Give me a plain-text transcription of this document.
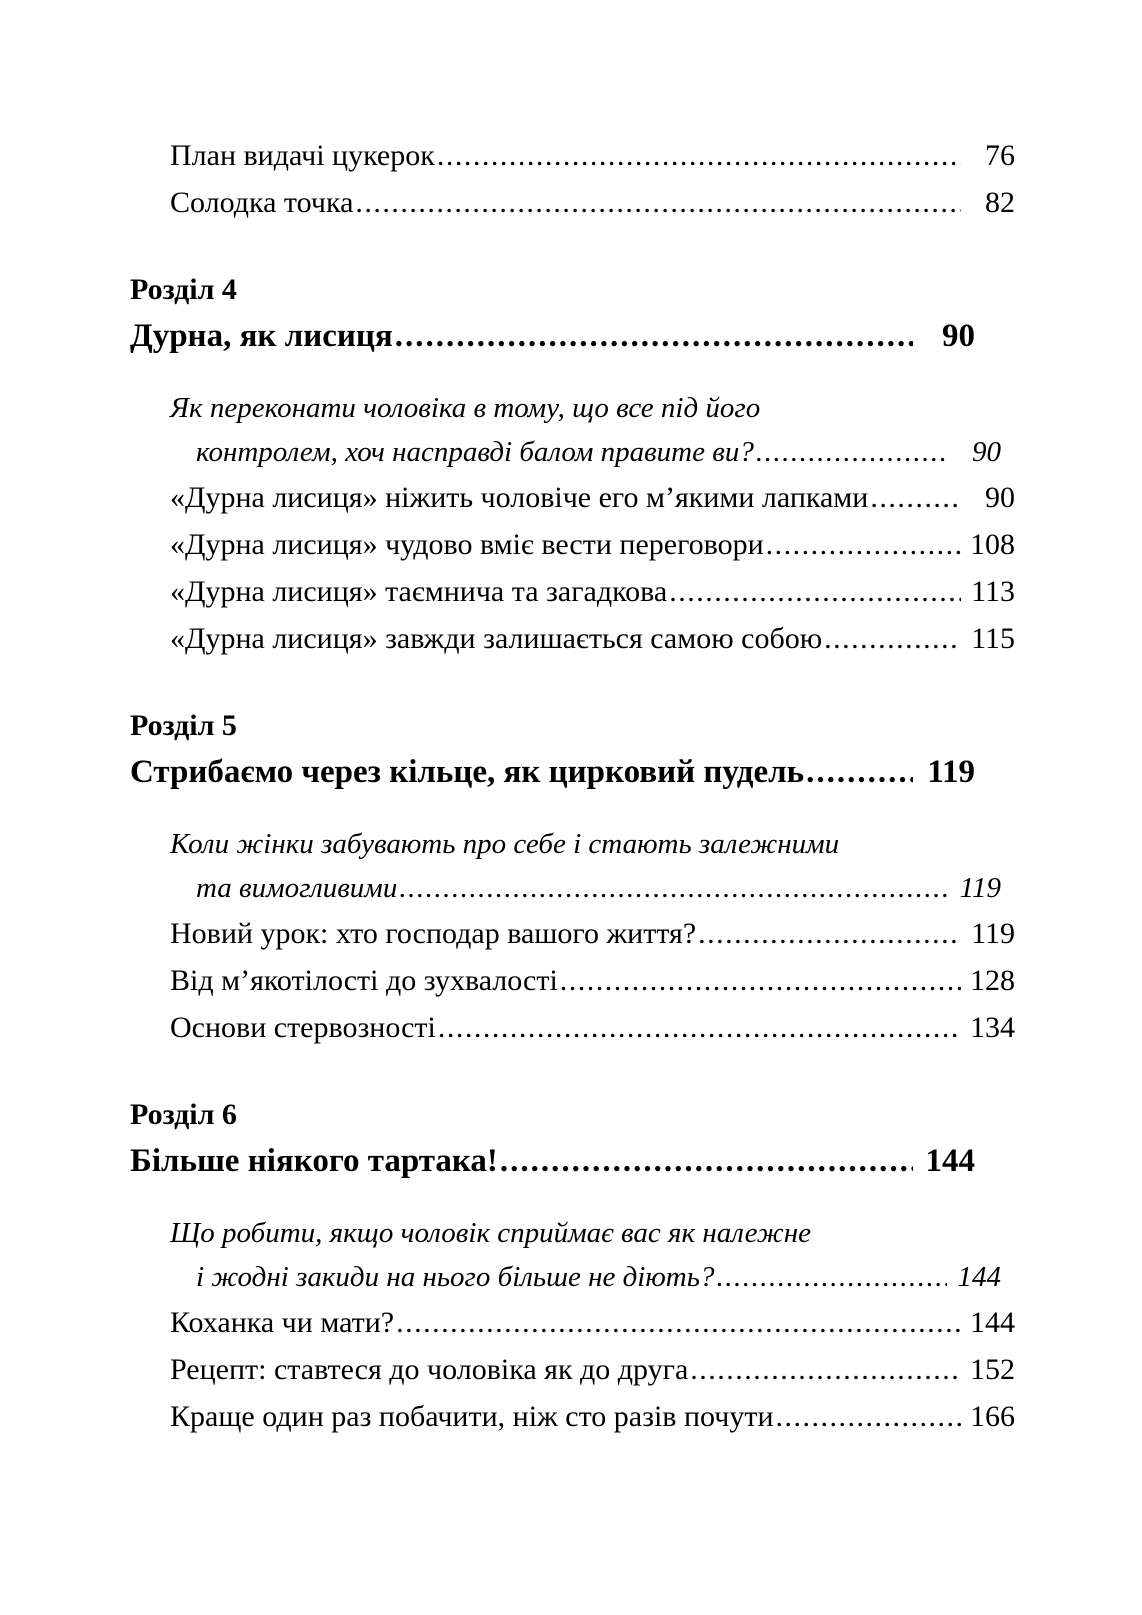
План видачі цукерок .....	76
Солодка точка .....	82
Розділ 4
Дурна, як лисиця .....	90
Як переконати чоловіка в тому, що все під його
контролем, хоч насправді балом правите ви? .....	90
«Дурна лисиця» ніжить чоловіче его м’якими лапками .....	90
«Дурна лисиця» чудово вміє вести переговори .....	108
«Дурна лисиця» таємнича та загадкова .....	113
«Дурна лисиця» завжди залишається самою собою .....	115
Розділ 5
Стрибаємо через кільце, як цирковий пудель .....	119
Коли жінки забувають про себе і стають залежними
та вимогливими .....	119
Новий урок: хто господар вашого життя? .....	119
Від м’якотілості до зухвалості .....	128
Основи стервозності .....	134
Розділ 6
Більше ніякого тартака! .....	144
Що робити, якщо чоловік сприймає вас як належне
і жодні закиди на нього більше не діють? .....	144
Коханка чи мати? .....	144
Рецепт: ставтеся до чоловіка як до друга .....	152
Краще один раз побачити, ніж сто разів почути .....	166
